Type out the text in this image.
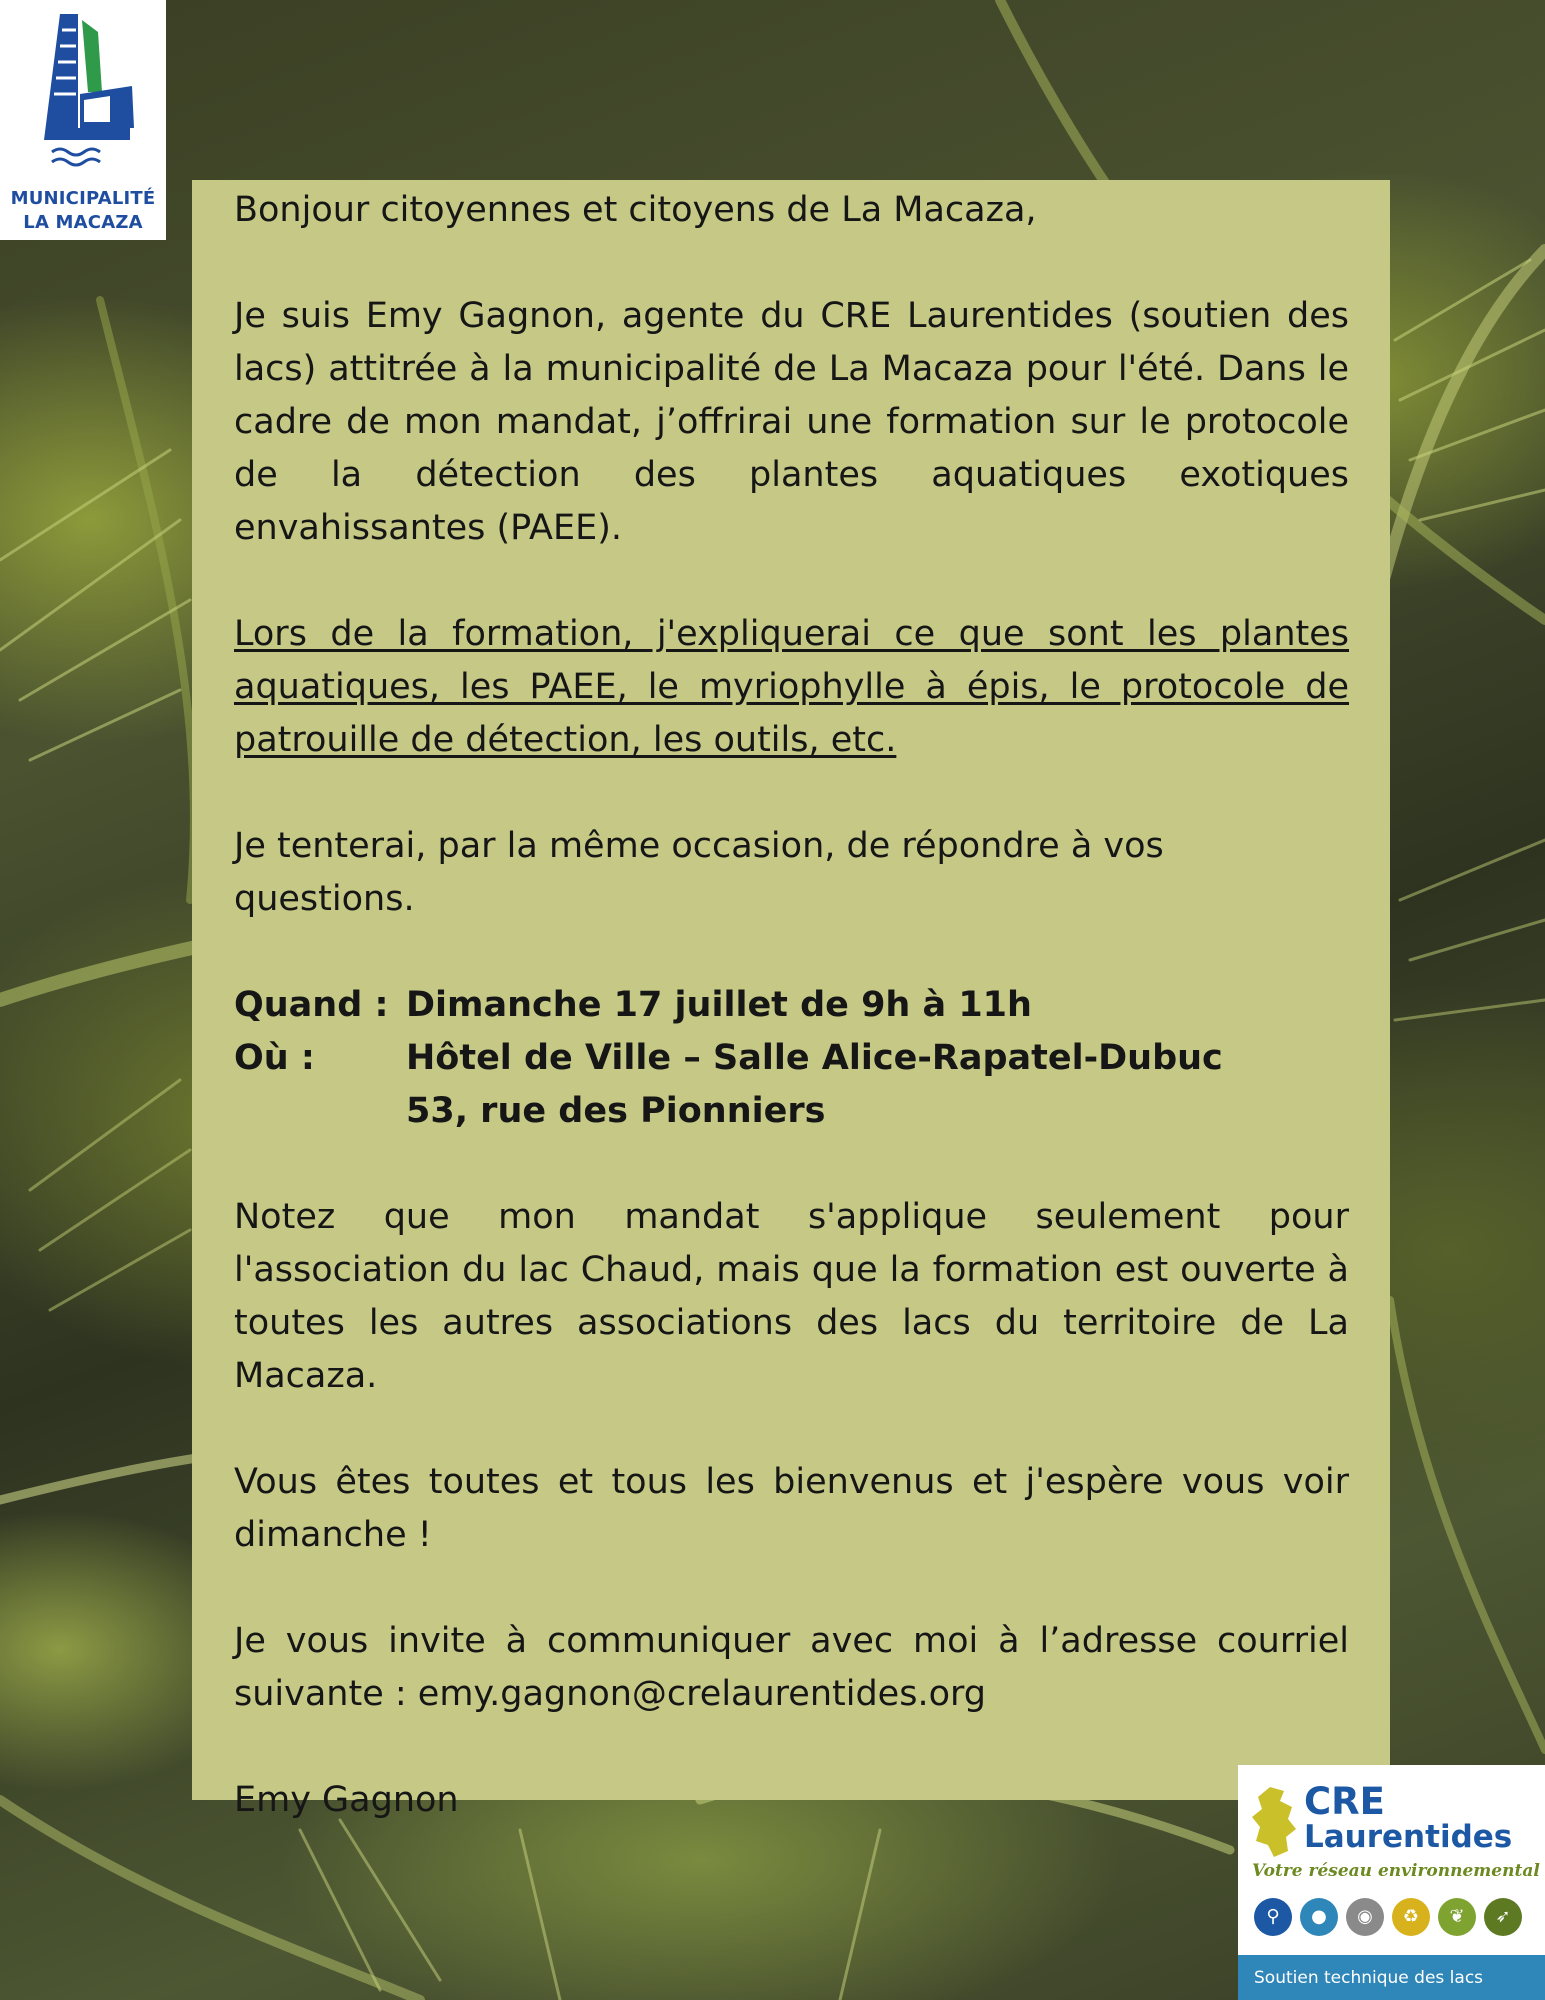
MUNICIPALITÉ
LA MACAZA	Bonjour citoyennes et citoyens de La Macaza,

Je suis Emy Gagnon, agente du CRE Laurentides (soutien des lacs) attitrée à la municipalité de La Macaza pour l'été. Dans le cadre de mon mandat, j’offrirai une formation sur le protocole de la détection des plantes aquatiques exotiques envahissantes (PAEE).

Lors de la formation, j'expliquerai ce que sont les plantes aquatiques, les PAEE, le myriophylle à épis, le protocole de patrouille de détection, les outils, etc.

Je tenterai, par la même occasion, de répondre à vos questions.

Quand : Dimanche 17 juillet de 9h à 11h
Où :	Hôtel de Ville – Salle Alice-Rapatel-Dubuc
53, rue des Pionniers

Notez que mon mandat s'applique seulement pour l'association du lac Chaud, mais que la formation est ouverte à toutes les autres associations des lacs du territoire de La Macaza.

Vous êtes toutes et tous les bienvenus et j'espère vous voir dimanche !

Je vous invite à communiquer avec moi à l’adresse courriel suivante : emy.gagnon@crelaurentides.org

Emy Gagnon	CRE
Laurentides
Votre réseau environnemental
⚲	●	◉	♻	❦	➶
Soutien technique des lacs
